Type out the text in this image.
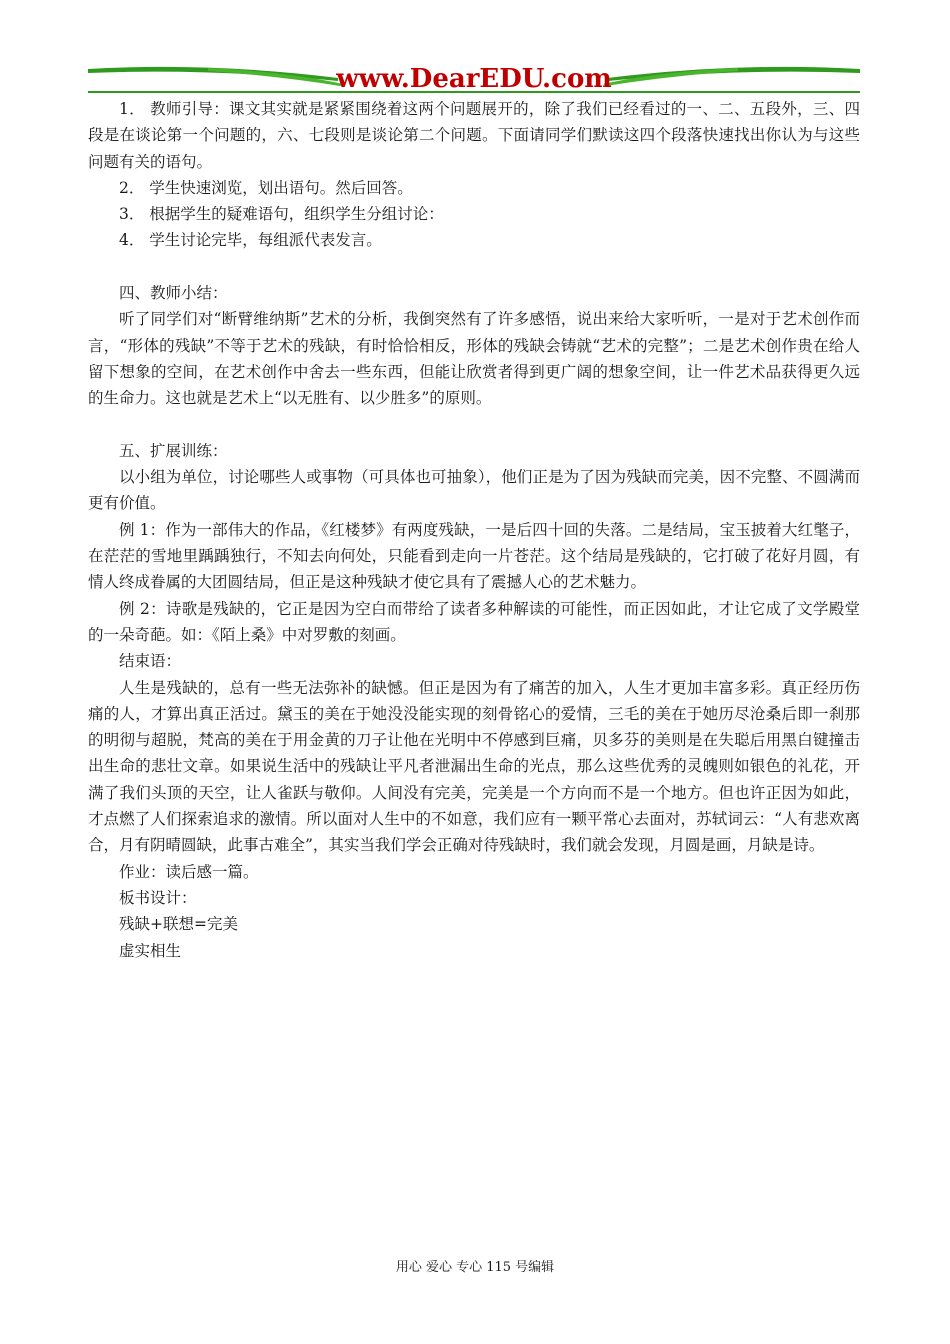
www.DearEDU.com

1． 教师引导：课文其实就是紧紧围绕着这两个问题展开的，除了我们已经看过的一、二、五段外，三、四段是在谈论第一个问题的，六、七段则是谈论第二个问题。下面请同学们默读这四个段落快速找出你认为与这些问题有关的语句。

2． 学生快速浏览，划出语句。然后回答。

3． 根据学生的疑难语句，组织学生分组讨论：

4． 学生讨论完毕，每组派代表发言。

四、教师小结：

听了同学们对“断臂维纳斯”艺术的分析，我倒突然有了许多感悟，说出来给大家听听，一是对于艺术创作而言，“形体的残缺”不等于艺术的残缺，有时恰恰相反，形体的残缺会铸就“艺术的完整”；二是艺术创作贵在给人留下想象的空间，在艺术创作中舍去一些东西，但能让欣赏者得到更广阔的想象空间，让一件艺术品获得更久远的生命力。这也就是艺术上“以无胜有、以少胜多”的原则。

五、扩展训练：

以小组为单位，讨论哪些人或事物（可具体也可抽象），他们正是为了因为残缺而完美，因不完整、不圆满而更有价值。

例 1：作为一部伟大的作品，《红楼梦》有两度残缺，一是后四十回的失落。二是结局，宝玉披着大红氅子，在茫茫的雪地里踽踽独行，不知去向何处，只能看到走向一片苍茫。这个结局是残缺的，它打破了花好月圆，有情人终成眷属的大团圆结局，但正是这种残缺才使它具有了震撼人心的艺术魅力。

例 2：诗歌是残缺的，它正是因为空白而带给了读者多种解读的可能性，而正因如此，才让它成了文学殿堂的一朵奇葩。如：《陌上桑》中对罗敷的刻画。

结束语：

人生是残缺的，总有一些无法弥补的缺憾。但正是因为有了痛苦的加入，人生才更加丰富多彩。真正经历伤痛的人，才算出真正活过。黛玉的美在于她没没能实现的刻骨铭心的爱情，三毛的美在于她历尽沧桑后即一刹那的明彻与超脱，梵高的美在于用金黄的刀子让他在光明中不停感到巨痛，贝多芬的美则是在失聪后用黑白键撞击出生命的悲壮文章。如果说生活中的残缺让平凡者泄漏出生命的光点，那么这些优秀的灵魄则如银色的礼花，开满了我们头顶的天空，让人雀跃与敬仰。人间没有完美，完美是一个方向而不是一个地方。但也许正因为如此，才点燃了人们探索追求的激情。所以面对人生中的不如意，我们应有一颗平常心去面对，苏轼词云：“人有悲欢离合，月有阴晴圆缺，此事古难全”，其实当我们学会正确对待残缺时，我们就会发现，月圆是画，月缺是诗。

作业：读后感一篇。

板书设计：

残缺+联想=完美

虚实相生

用心 爱心 专心 115 号编辑
